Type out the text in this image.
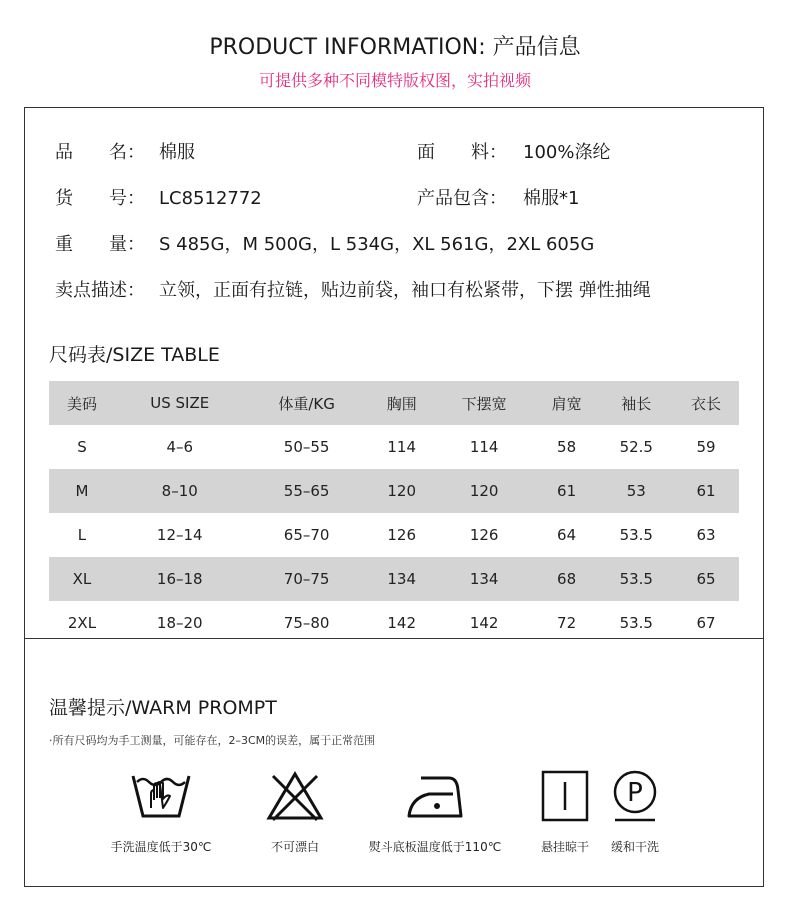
PRODUCT INFORMATION: 产品信息
可提供多种不同模特版权图，实拍视频
品　　名： 棉服	面　　料： 100%涤纶
货　　号： LC8512772	产品包含： 棉服*1
重　　量： S 485G，M 500G，L 534G，XL 561G，2XL 605G
卖点描述： 立领，正面有拉链，贴边前袋，袖口有松紧带，下摆 弹性抽绳
尺码表/SIZE TABLE
美码	US SIZE	体重/KG	胸围	下摆宽	肩宽	袖长	衣长
S	4–6	50–55	114	114	58	52.5	59
M	8–10	55–65	120	120	61	53	61
L	12–14	65–70	126	126	64	53.5	63
XL	16–18	70–75	134	134	68	53.5	65
2XL	18–20	75–80	142	142	72	53.5	67
温馨提示/WARM PROMPT
·所有尺码均为手工测量，可能存在，2–3CM的误差，属于正常范围
手洗温度低于30℃	不可漂白	熨斗底板温度低于110℃	悬挂晾干
P
缓和干洗
